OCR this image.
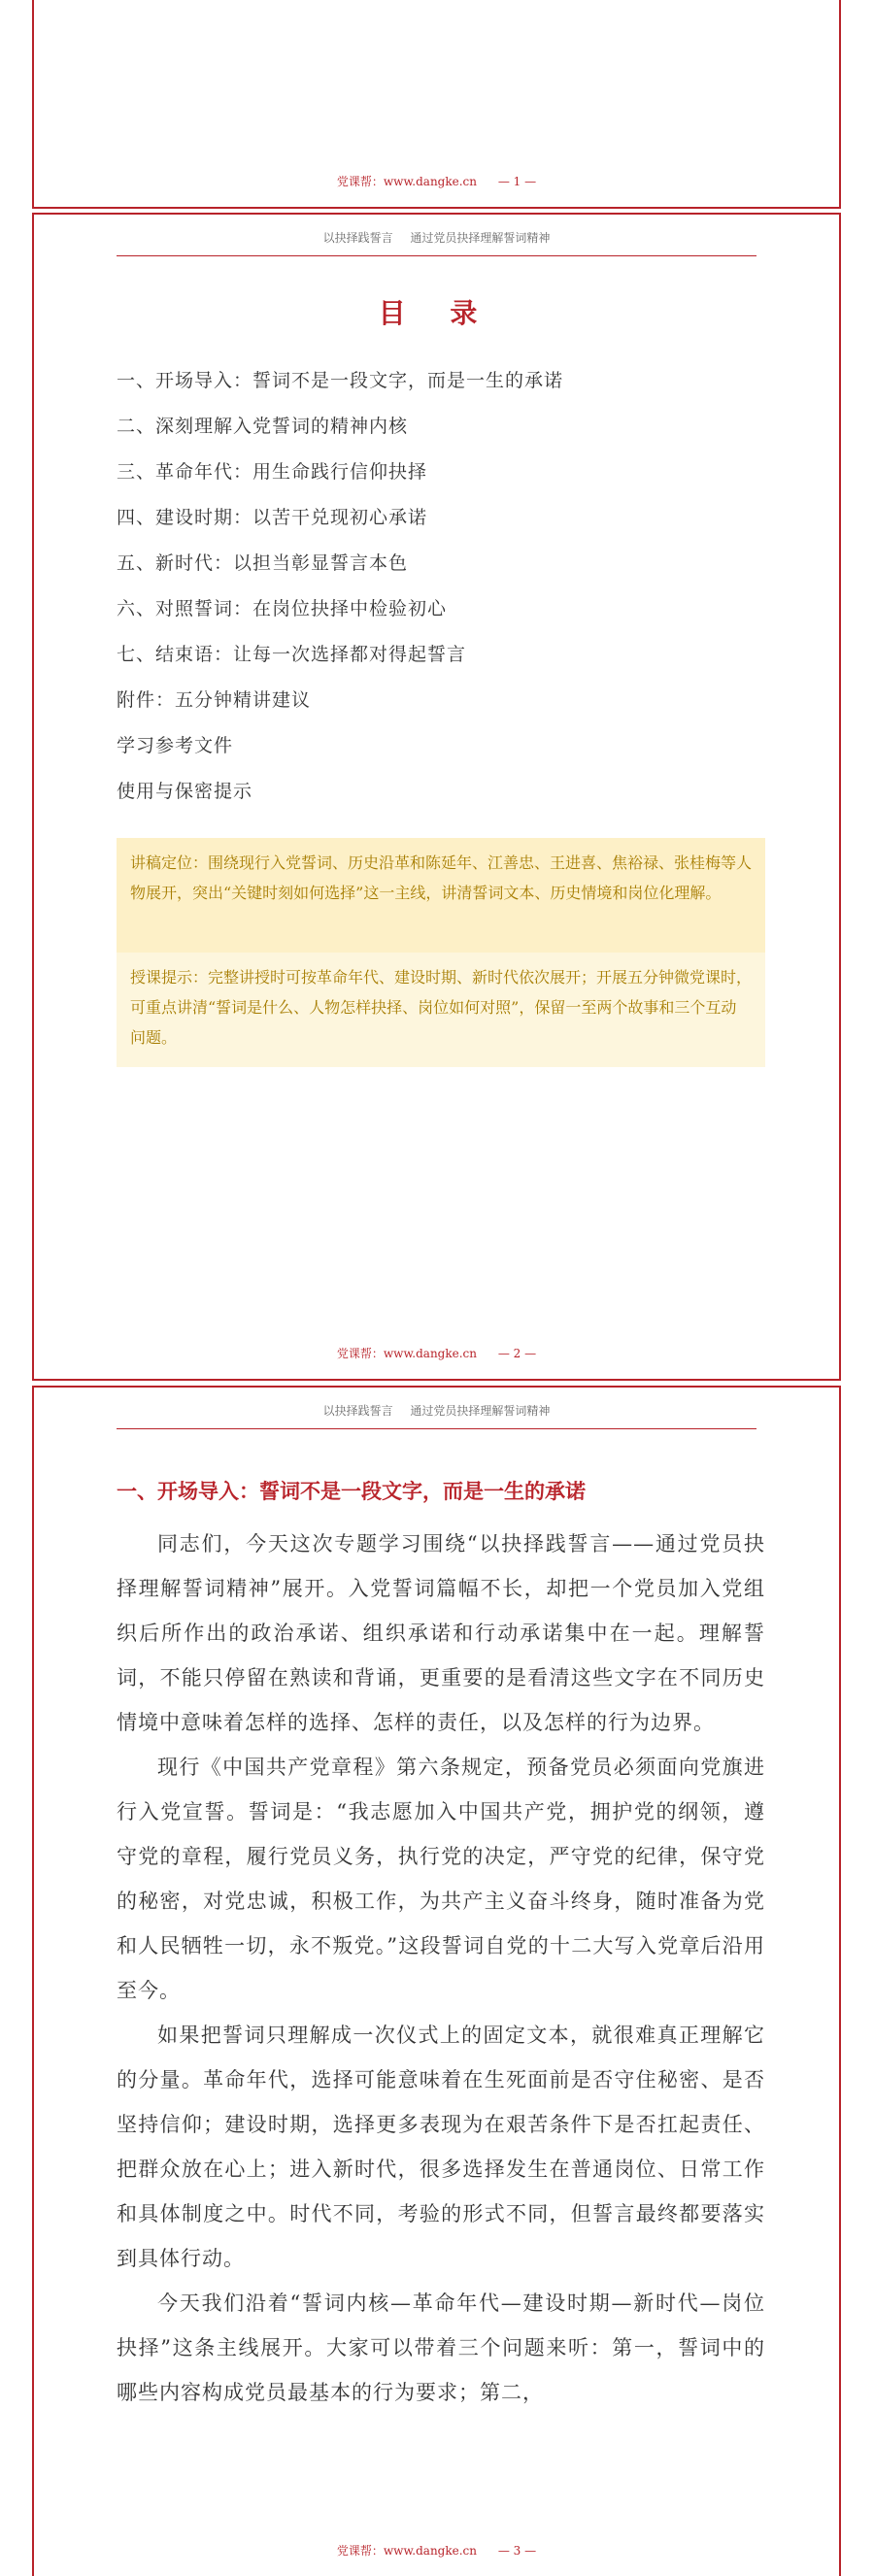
党课帮：www.dangke.cn — 1 —
以抉择践誓言 通过党员抉择理解誓词精神
目 录
一、开场导入：誓词不是一段文字，而是一生的承诺
二、深刻理解入党誓词的精神内核
三、革命年代：用生命践行信仰抉择
四、建设时期：以苦干兑现初心承诺
五、新时代：以担当彰显誓言本色
六、对照誓词：在岗位抉择中检验初心
七、结束语：让每一次选择都对得起誓言
附件：五分钟精讲建议
学习参考文件
使用与保密提示
讲稿定位：围绕现行入党誓词、历史沿革和陈延年、江善忠、王进喜、焦裕禄、张桂梅等人物展开，突出“关键时刻如何选择”这一主线，讲清誓词文本、历史情境和岗位化理解。
授课提示：完整讲授时可按革命年代、建设时期、新时代依次展开；开展五分钟微党课时，可重点讲清“誓词是什么、人物怎样抉择、岗位如何对照”，保留一至两个故事和三个互动问题。
党课帮：www.dangke.cn — 2 —
以抉择践誓言 通过党员抉择理解誓词精神
一、开场导入：誓词不是一段文字，而是一生的承诺

同志们，今天这次专题学习围绕“以抉择践誓言——通过党员抉择理解誓词精神”展开。入党誓词篇幅不长，却把一个党员加入党组织后所作出的政治承诺、组织承诺和行动承诺集中在一起。理解誓词，不能只停留在熟读和背诵，更重要的是看清这些文字在不同历史情境中意味着怎样的选择、怎样的责任，以及怎样的行为边界。

现行《中国共产党章程》第六条规定，预备党员必须面向党旗进行入党宣誓。誓词是：“我志愿加入中国共产党，拥护党的纲领，遵守党的章程，履行党员义务，执行党的决定，严守党的纪律，保守党的秘密，对党忠诚，积极工作，为共产主义奋斗终身，随时准备为党和人民牺牲一切，永不叛党。”这段誓词自党的十二大写入党章后沿用至今。

如果把誓词只理解成一次仪式上的固定文本，就很难真正理解它的分量。革命年代，选择可能意味着在生死面前是否守住秘密、是否坚持信仰；建设时期，选择更多表现为在艰苦条件下是否扛起责任、把群众放在心上；进入新时代，很多选择发生在普通岗位、日常工作和具体制度之中。时代不同，考验的形式不同，但誓言最终都要落实到具体行动。

今天我们沿着“誓词内核—革命年代—建设时期—新时代—岗位抉择”这条主线展开。大家可以带着三个问题来听：第一，誓词中的哪些内容构成党员最基本的行为要求；第二，

党课帮：www.dangke.cn — 3 —
